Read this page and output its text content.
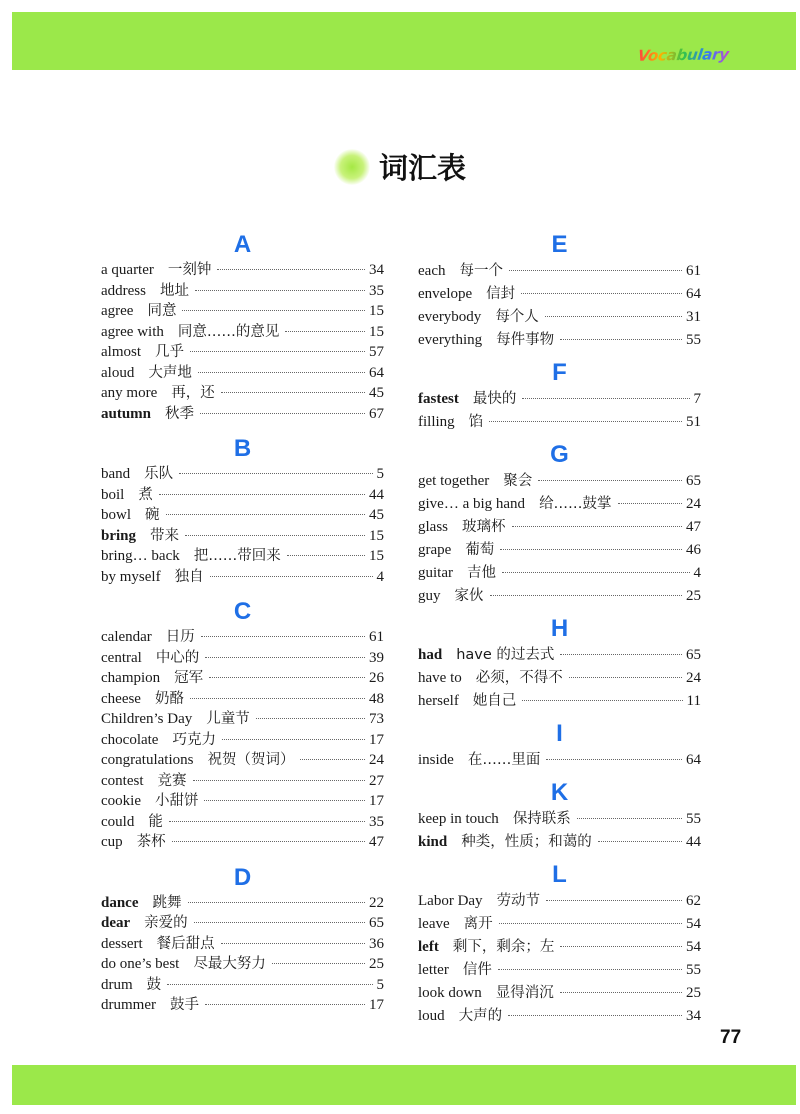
Vocabulary
词汇表
A
a quarter 一刻钟	34
address 地址	35
agree 同意	15
agree with 同意……的意见	15
almost 几乎	57
aloud 大声地	64
any more 再，还	45
autumn 秋季	67
B
band 乐队	5
boil 煮	44
bowl 碗	45
bring 带来	15
bring… back 把……带回来	15
by myself 独自	4
C
calendar 日历	61
central 中心的	39
champion 冠军	26
cheese 奶酪	48
Children’s Day 儿童节	73
chocolate 巧克力	17
congratulations 祝贺（贺词）	24
contest 竞赛	27
cookie 小甜饼	17
could 能	35
cup 茶杯	47
D
dance 跳舞	22
dear 亲爱的	65
dessert 餐后甜点	36
do one’s best 尽最大努力	25
drum 鼓	5
drummer 鼓手	17
E
each 每一个	61
envelope 信封	64
everybody 每个人	31
everything 每件事物	55
F
fastest 最快的	7
filling 馅	51
G
get together 聚会	65
give… a big hand 给……鼓掌	24
glass 玻璃杯	47
grape 葡萄	46
guitar 吉他	4
guy 家伙	25
H
had have 的过去式	65
have to 必须，不得不	24
herself 她自己	11
I
inside 在……里面	64
K
keep in touch 保持联系	55
kind 种类，性质；和蔼的	44
L
Labor Day 劳动节	62
leave 离开	54
left 剩下，剩余；左	54
letter 信件	55
look down 显得消沉	25
loud 大声的	34
77
